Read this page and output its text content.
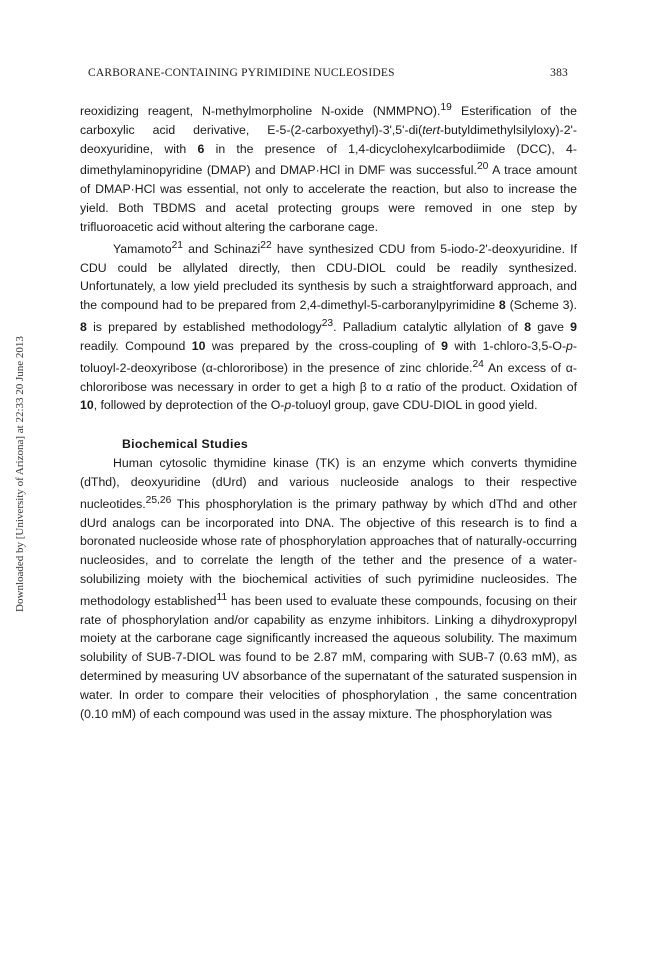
CARBORANE-CONTAINING PYRIMIDINE NUCLEOSIDES	383
Downloaded by [University of Arizona] at 22:33 20 June 2013

reoxidizing reagent, N-methylmorpholine N-oxide (NMMPNO).$^{19}$ Esterification of the carboxylic acid derivative, E-5-(2-carboxyethyl)-3',5'-di(tert-butyldimethylsilyloxy)-2'-deoxyuridine, with 6 in the presence of 1,4-dicyclohexylcarbodiimide (DCC), 4-dimethylaminopyridine (DMAP) and DMAP·HCl in DMF was successful.$^{20}$ A trace amount of DMAP·HCl was essential, not only to accelerate the reaction, but also to increase the yield. Both TBDMS and acetal protecting groups were removed in one step by trifluoroacetic acid without altering the carborane cage.

Yamamoto$^{21}$ and Schinazi$^{22}$ have synthesized CDU from 5-iodo-2'-deoxyuridine. If CDU could be allylated directly, then CDU-DIOL could be readily synthesized. Unfortunately, a low yield precluded its synthesis by such a straightforward approach, and the compound had to be prepared from 2,4-dimethyl-5-carboranylpyrimidine 8 (Scheme 3). 8 is prepared by established methodology$^{23}$. Palladium catalytic allylation of 8 gave 9 readily. Compound 10 was prepared by the cross-coupling of 9 with 1-chloro-3,5-O-p-toluoyl-2-deoxyribose (α-chlororibose) in the presence of zinc chloride.$^{24}$ An excess of α-chlororibose was necessary in order to get a high β to α ratio of the product. Oxidation of 10, followed by deprotection of the O-p-toluoyl group, gave CDU-DIOL in good yield.

Biochemical Studies

Human cytosolic thymidine kinase (TK) is an enzyme which converts thymidine (dThd), deoxyuridine (dUrd) and various nucleoside analogs to their respective nucleotides.$^{25,26}$ This phosphorylation is the primary pathway by which dThd and other dUrd analogs can be incorporated into DNA. The objective of this research is to find a boronated nucleoside whose rate of phosphorylation approaches that of naturally-occurring nucleosides, and to correlate the length of the tether and the presence of a water-solubilizing moiety with the biochemical activities of such pyrimidine nucleosides. The methodology established$^{11}$ has been used to evaluate these compounds, focusing on their rate of phosphorylation and/or capability as enzyme inhibitors. Linking a dihydroxypropyl moiety at the carborane cage significantly increased the aqueous solubility. The maximum solubility of SUB-7-DIOL was found to be 2.87 mM, comparing with SUB-7 (0.63 mM), as determined by measuring UV absorbance of the supernatant of the saturated suspension in water. In order to compare their velocities of phosphorylation , the same concentration (0.10 mM) of each compound was used in the assay mixture. The phosphorylation was
